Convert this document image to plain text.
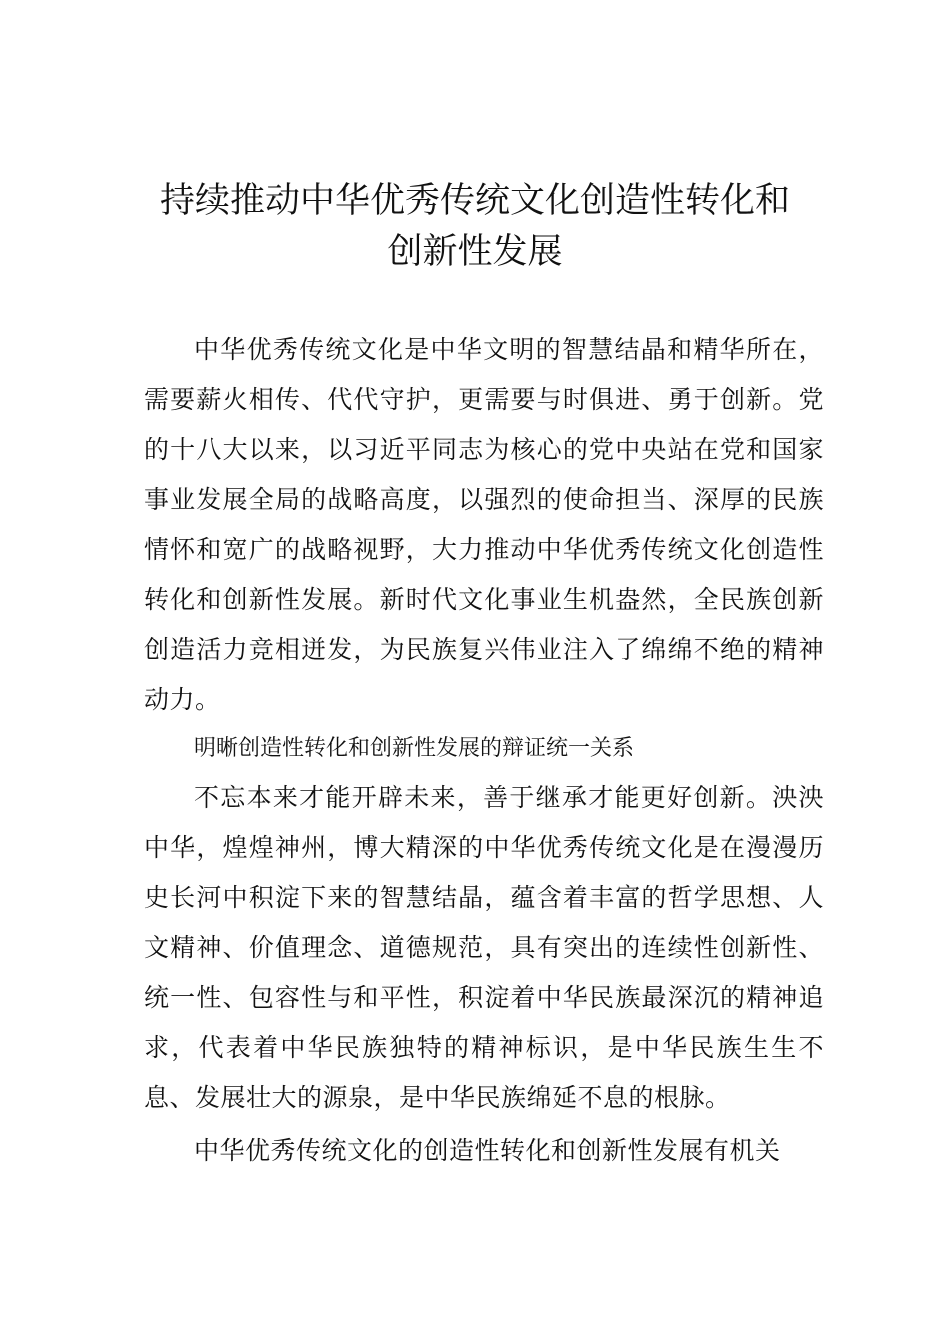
持续推动中华优秀传统文化创造性转化和
创新性发展

中华优秀传统文化是中华文明的智慧结晶和精华所在，需要薪火相传、代代守护，更需要与时俱进、勇于创新。党的十八大以来，以习近平同志为核心的党中央站在党和国家事业发展全局的战略高度，以强烈的使命担当、深厚的民族情怀和宽广的战略视野，大力推动中华优秀传统文化创造性转化和创新性发展。新时代文化事业生机盎然，全民族创新创造活力竞相迸发，为民族复兴伟业注入了绵绵不绝的精神动力。

明晰创造性转化和创新性发展的辩证统一关系

不忘本来才能开辟未来，善于继承才能更好创新。泱泱中华，煌煌神州，博大精深的中华优秀传统文化是在漫漫历史长河中积淀下来的智慧结晶，蕴含着丰富的哲学思想、人文精神、价值理念、道德规范，具有突出的连续性创新性、统一性、包容性与和平性，积淀着中华民族最深沉的精神追求，代表着中华民族独特的精神标识，是中华民族生生不息、发展壮大的源泉，是中华民族绵延不息的根脉。

中华优秀传统文化的创造性转化和创新性发展有机关
